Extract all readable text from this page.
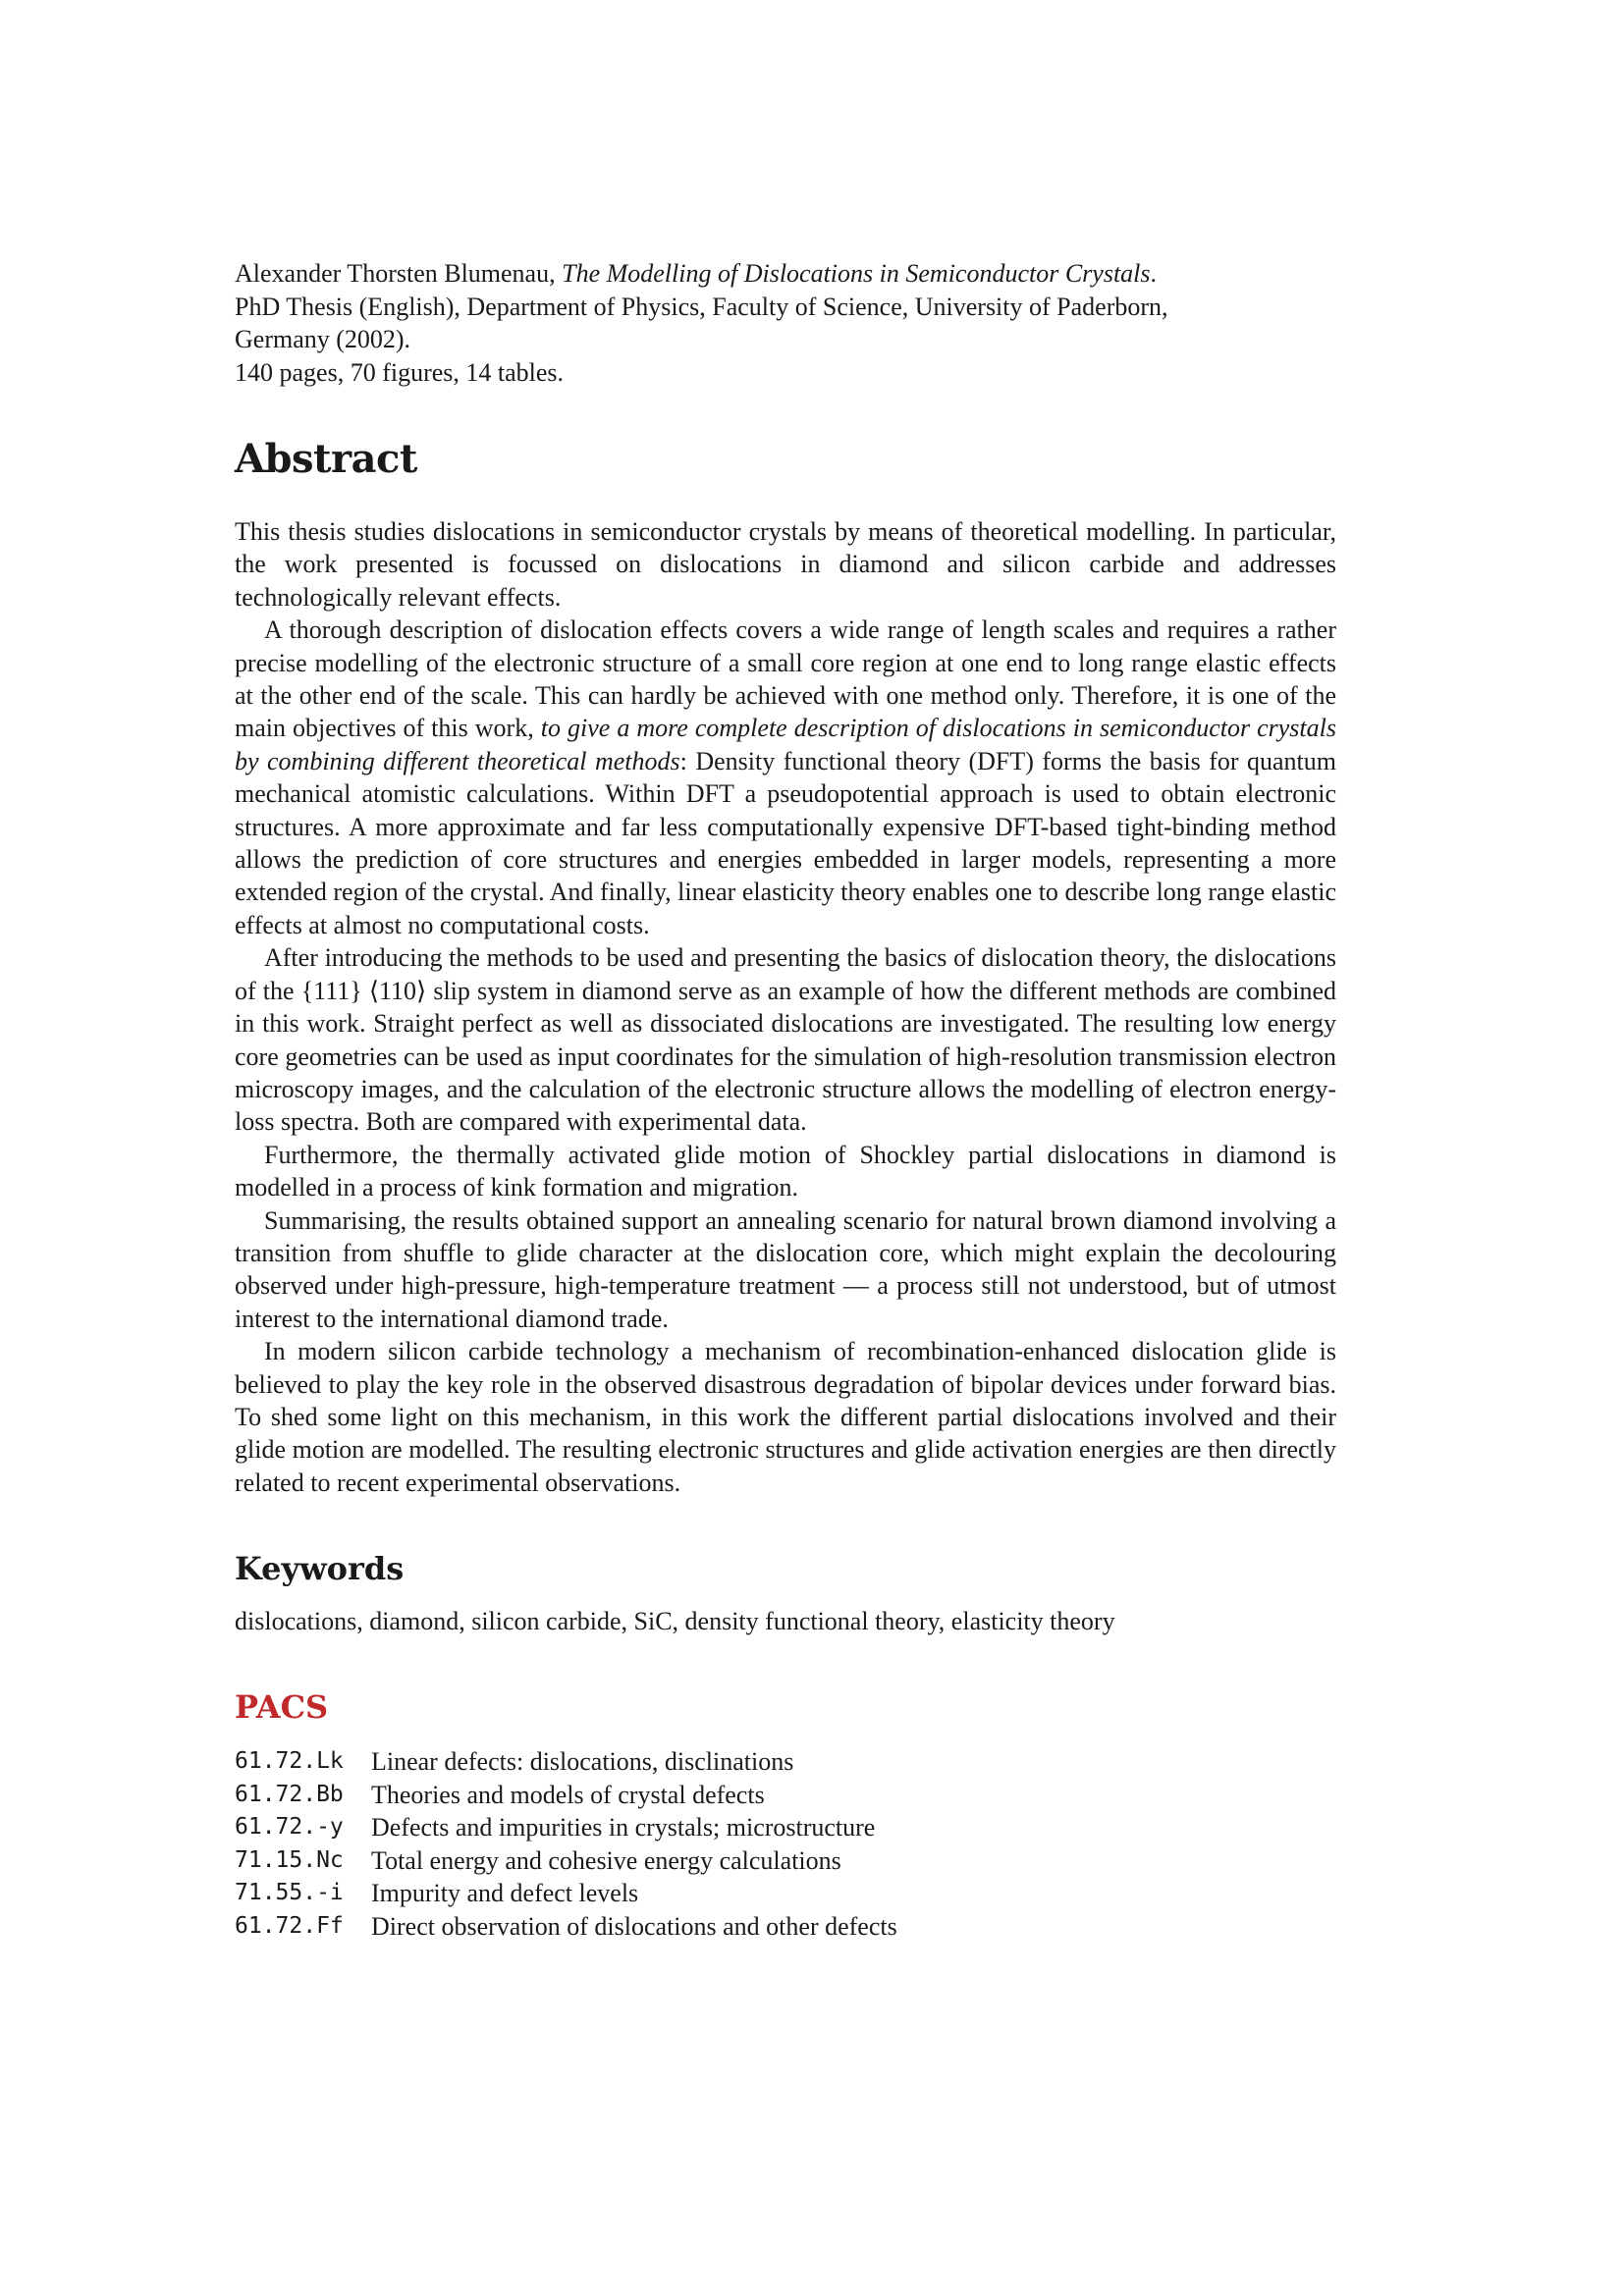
Alexander Thorsten Blumenau, The Modelling of Dislocations in Semiconductor Crystals.
PhD Thesis (English), Department of Physics, Faculty of Science, University of Paderborn,
Germany (2002).
140 pages, 70 figures, 14 tables.
Abstract

This thesis studies dislocations in semiconductor crystals by means of theoretical modelling. In particular, the work presented is focussed on dislocations in diamond and silicon carbide and addresses technologically relevant effects.

A thorough description of dislocation effects covers a wide range of length scales and requires a rather precise modelling of the electronic structure of a small core region at one end to long range elastic effects at the other end of the scale. This can hardly be achieved with one method only. Therefore, it is one of the main objectives of this work, to give a more complete description of dislocations in semiconductor crystals by combining different theoretical methods: Density functional theory (DFT) forms the basis for quantum mechanical atomistic calculations. Within DFT a pseudopotential approach is used to obtain electronic structures. A more approximate and far less computationally expensive DFT-based tight-binding method allows the prediction of core structures and energies embedded in larger models, representing a more extended region of the crystal. And finally, linear elasticity theory enables one to describe long range elastic effects at almost no computational costs.

After introducing the methods to be used and presenting the basics of dislocation theory, the dislocations of the {111} ⟨110⟩ slip system in diamond serve as an example of how the different methods are combined in this work. Straight perfect as well as dissociated dislocations are investigated. The resulting low energy core geometries can be used as input coordinates for the simulation of high-resolution transmission electron microscopy images, and the calculation of the electronic structure allows the modelling of electron energy-loss spectra. Both are compared with experimental data.

Furthermore, the thermally activated glide motion of Shockley partial dislocations in diamond is modelled in a process of kink formation and migration.

Summarising, the results obtained support an annealing scenario for natural brown diamond involving a transition from shuffle to glide character at the dislocation core, which might explain the decolouring observed under high-pressure, high-temperature treatment — a process still not understood, but of utmost interest to the international diamond trade.

In modern silicon carbide technology a mechanism of recombination-enhanced dislocation glide is believed to play the key role in the observed disastrous degradation of bipolar devices under forward bias. To shed some light on this mechanism, in this work the different partial dislocations involved and their glide motion are modelled. The resulting electronic structures and glide activation energies are then directly related to recent experimental observations.

Keywords
dislocations, diamond, silicon carbide, SiC, density functional theory, elasticity theory
PACS
61.72.Lk	Linear defects: dislocations, disclinations
61.72.Bb	Theories and models of crystal defects
61.72.-y	Defects and impurities in crystals; microstructure
71.15.Nc	Total energy and cohesive energy calculations
71.55.-i	Impurity and defect levels
61.72.Ff	Direct observation of dislocations and other defects
